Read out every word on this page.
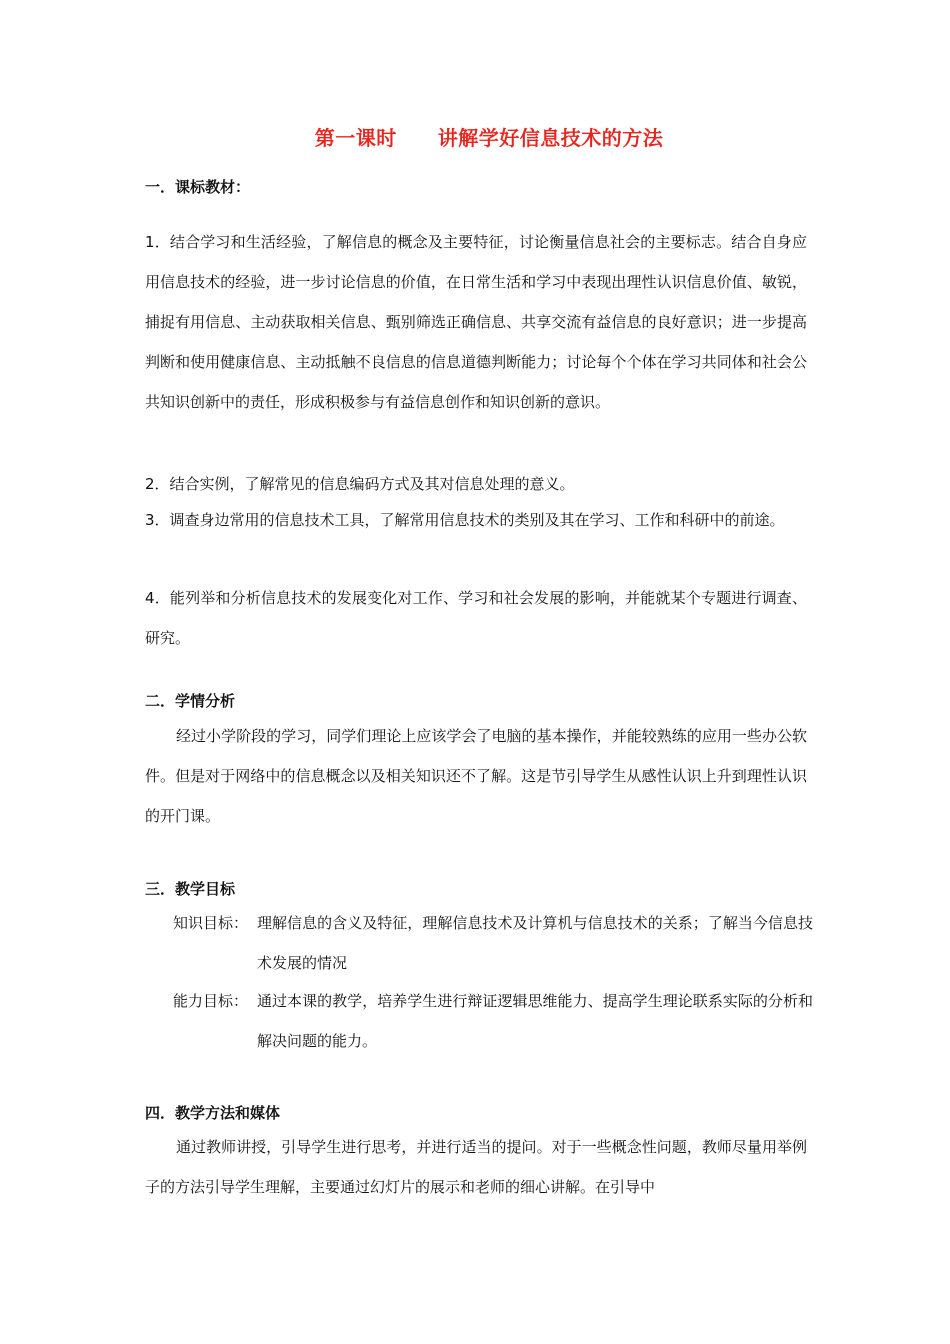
第一课时　　讲解学好信息技术的方法
一．课标教材：
1．结合学习和生活经验，了解信息的概念及主要特征，讨论衡量信息社会的主要标志。结合自身应用信息技术的经验，进一步讨论信息的价值，在日常生活和学习中表现出理性认识信息价值、敏锐，捕捉有用信息、主动获取相关信息、甄别筛选正确信息、共享交流有益信息的良好意识；进一步提高判断和使用健康信息、主动抵触不良信息的信息道德判断能力；讨论每个个体在学习共同体和社会公共知识创新中的责任，形成积极参与有益信息创作和知识创新的意识。
2．结合实例，了解常见的信息编码方式及其对信息处理的意义。
3．调查身边常用的信息技术工具，了解常用信息技术的类别及其在学习、工作和科研中的前途。
4．能列举和分析信息技术的发展变化对工作、学习和社会发展的影响，并能就某个专题进行调查、研究。
二．学情分析
经过小学阶段的学习，同学们理论上应该学会了电脑的基本操作，并能较熟练的应用一些办公软件。但是对于网络中的信息概念以及相关知识还不了解。这是节引导学生从感性认识上升到理性认识的开门课。
三．教学目标
知识目标： 理解信息的含义及特征，理解信息技术及计算机与信息技术的关系；了解当今信息技术发展的情况
能力目标： 通过本课的教学，培养学生进行辩证逻辑思维能力、提高学生理论联系实际的分析和解决问题的能力。
四．教学方法和媒体
通过教师讲授，引导学生进行思考，并进行适当的提问。对于一些概念性问题，教师尽量用举例子的方法引导学生理解，主要通过幻灯片的展示和老师的细心讲解。在引导中
